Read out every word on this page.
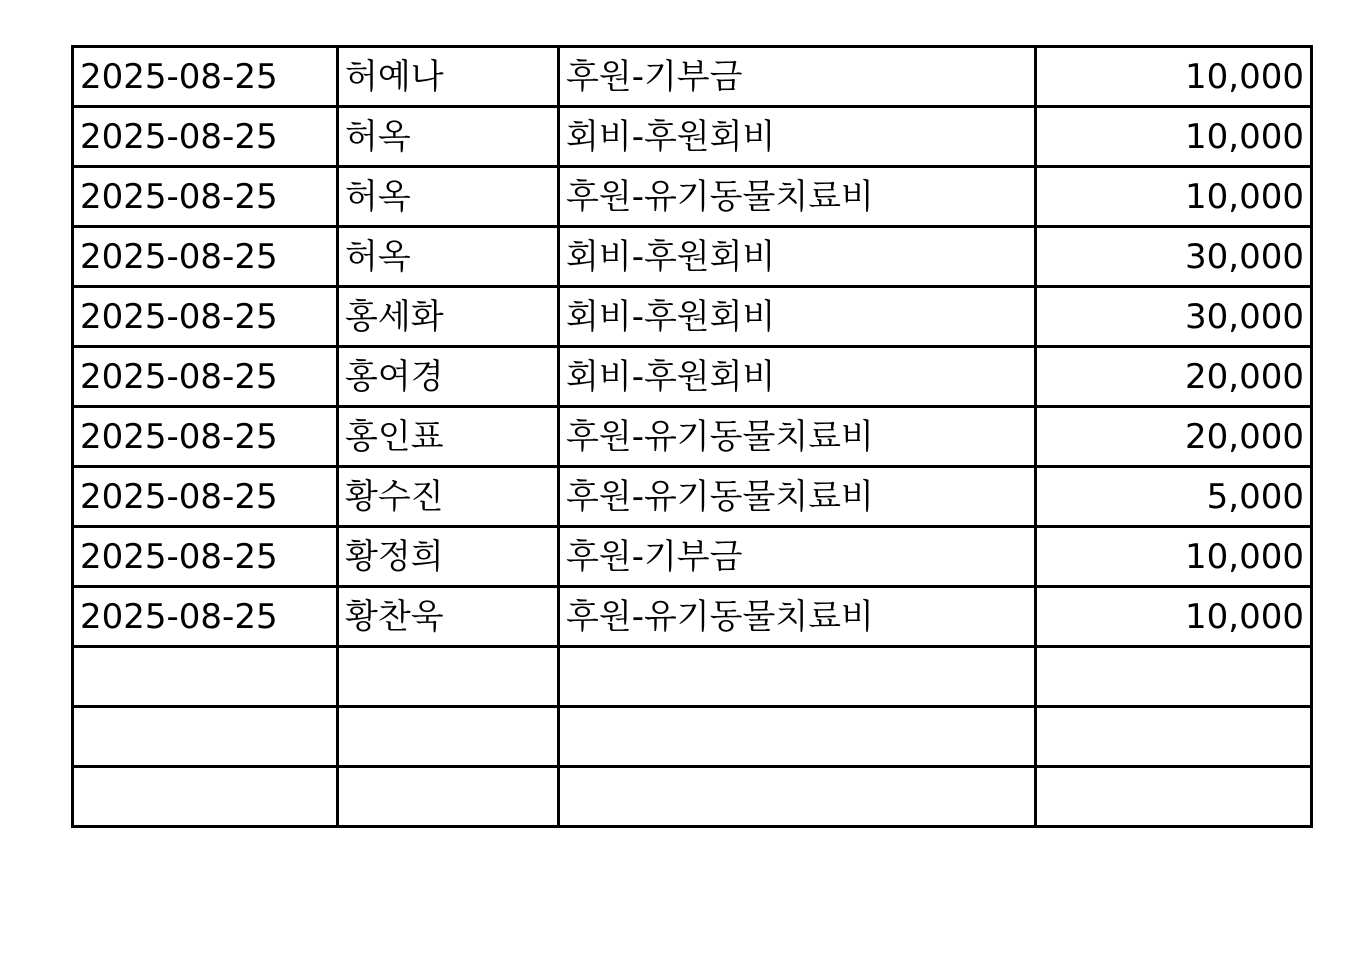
2025-08-25	허예나	후원-기부금	10,000
2025-08-25	허옥	회비-후원회비	10,000
2025-08-25	허옥	후원-유기동물치료비	10,000
2025-08-25	허옥	회비-후원회비	30,000
2025-08-25	홍세화	회비-후원회비	30,000
2025-08-25	홍여경	회비-후원회비	20,000
2025-08-25	홍인표	후원-유기동물치료비	20,000
2025-08-25	황수진	후원-유기동물치료비	5,000
2025-08-25	황정희	후원-기부금	10,000
2025-08-25	황찬욱	후원-유기동물치료비	10,000
